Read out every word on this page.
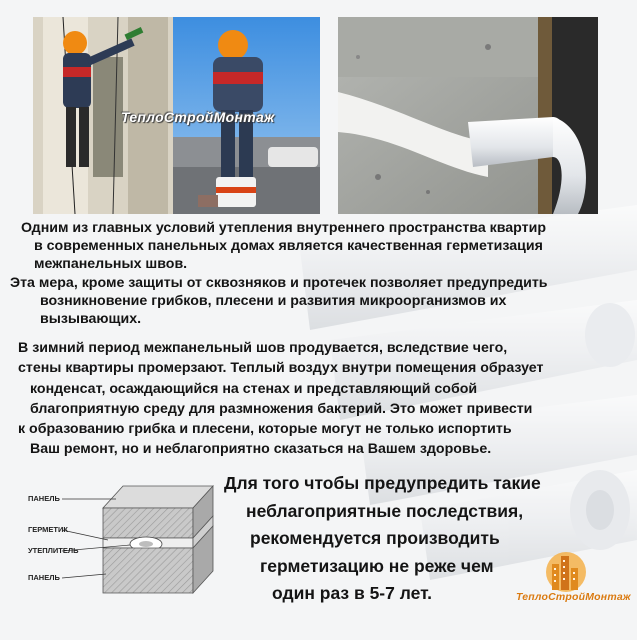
ТеплоСтройМонтаж
Одним из главных условий утепления внутреннего пространства квартир
в современных панельных домах является качественная герметизация
межпанельных швов.
Эта мера, кроме защиты от сквозняков и протечек позволяет предупредить
возникновение грибков, плесени и развития микроорганизмов их
вызывающих.
В зимний период межпанельный шов продувается, вследствие чего,
стены квартиры промерзают. Теплый воздух внутри помещения образует
конденсат, осаждающийся на стенах и представляющий собой
благоприятную среду для размножения бактерий. Это может привести
к образованию грибка и плесени, которые могут не только испортить
Ваш ремонт, но и неблагоприятно сказаться на Вашем здоровье.
ПАНЕЛЬ
ГЕРМЕТИК
УТЕПЛИТЕЛЬ
ПАНЕЛЬ
Для того чтобы предупредить такие
неблагоприятные последствия,
рекомендуется производить
герметизацию не реже чем
один раз в 5-7 лет.	ТеплоСтройМонтаж
